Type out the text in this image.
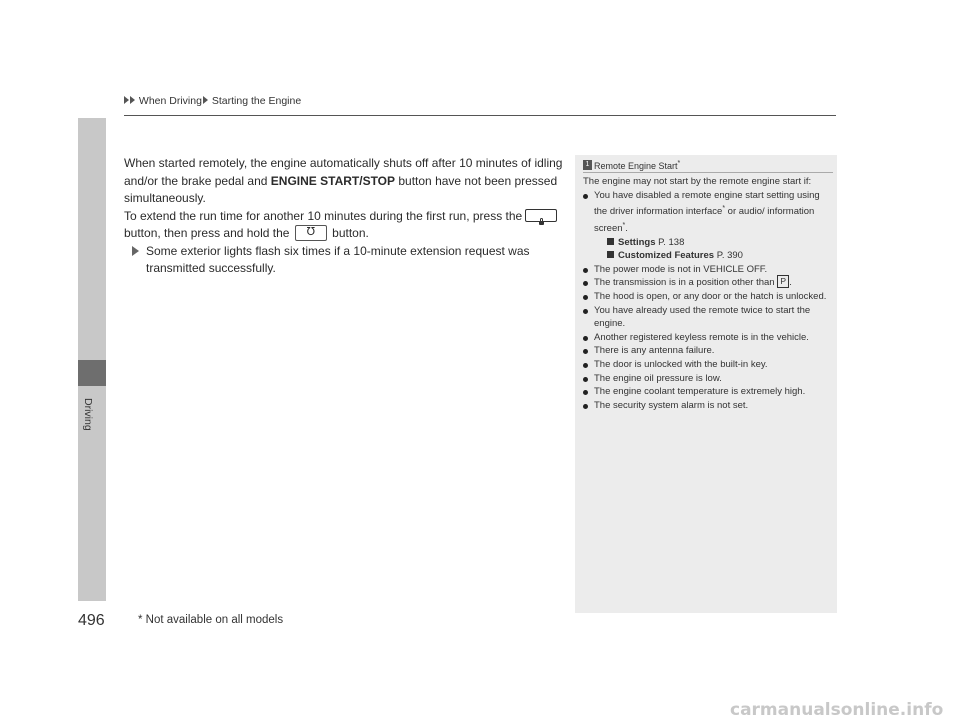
When Driving Starting the Engine
Driving

When started remotely, the engine automatically shuts off after 10 minutes of idling and/or the brake pedal and ENGINE START/STOP button have not been pressed simultaneously.

To extend the run time for another 10 minutes during the first run, press the
button, then press and hold the ℧ button.

Some exterior lights flash six times if a 10-minute extension request was transmitted successfully.

1 Remote Engine Start*

The engine may not start by the remote engine start if:

You have disabled a remote engine start setting using the driver information interface* or audio/ information screen*.

Settings P. 138

Customized Features P. 390

The power mode is not in VEHICLE OFF.

The transmission is in a position other than P .

The hood is open, or any door or the hatch is unlocked.

You have already used the remote twice to start the engine.

Another registered keyless remote is in the vehicle.

There is any antenna failure.

The door is unlocked with the built-in key.

The engine oil pressure is low.

The engine coolant temperature is extremely high.

The security system alarm is not set.

496	* Not available on all models
carmanualsonline.info
